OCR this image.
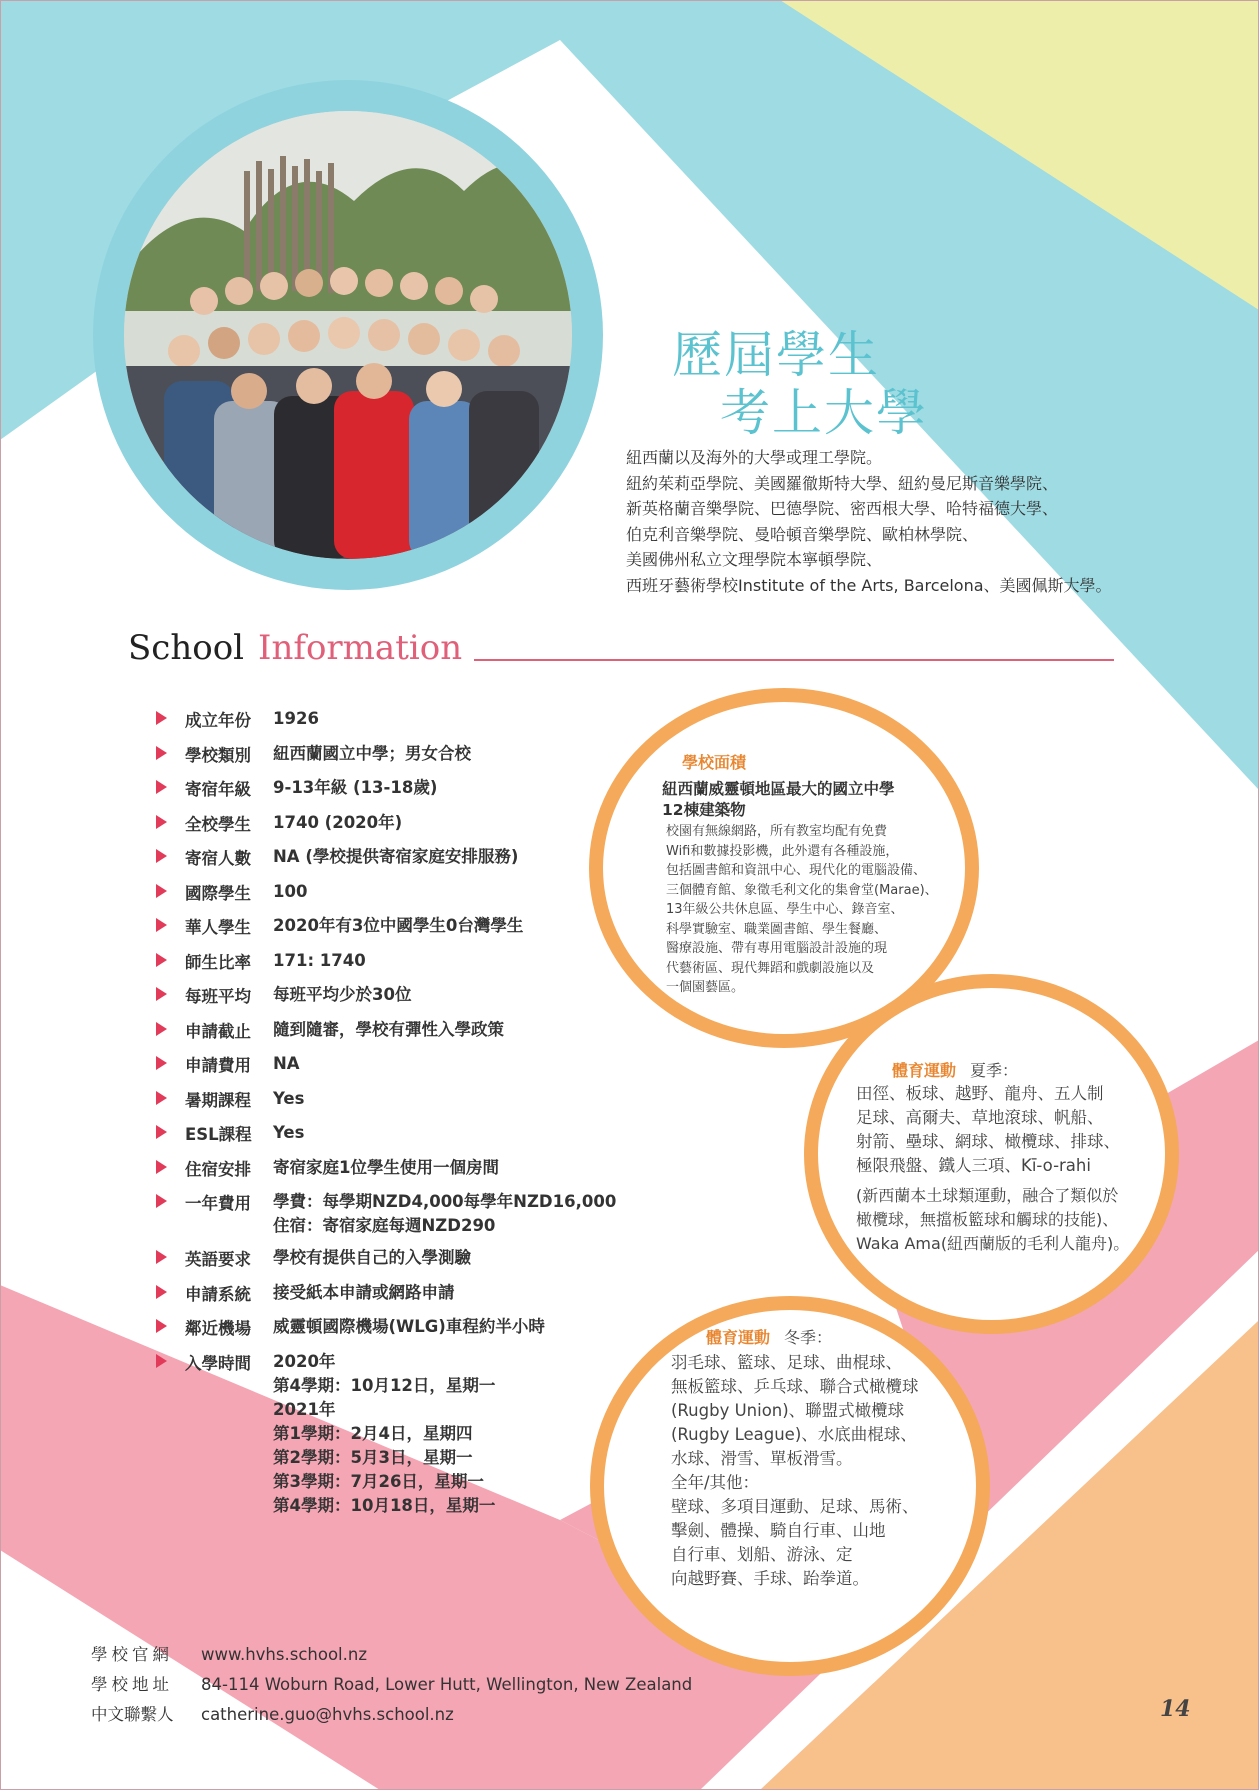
歷屆學生
考上大學
紐西蘭以及海外的大學或理工學院。
紐約茱莉亞學院、美國羅徹斯特大學、紐約曼尼斯音樂學院、
新英格蘭音樂學院、巴德學院、密西根大學、哈特福德大學、
伯克利音樂學院、曼哈頓音樂學院、歐柏林學院、
美國佛州私立文理學院本寧頓學院、
西班牙藝術學校Institute of the Arts, Barcelona、美國佩斯大學。
School Information
成立年份	1926
學校類別	紐西蘭國立中學；男女合校
寄宿年級	9-13年級 (13-18歲)
全校學生	1740 (2020年)
寄宿人數	NA (學校提供寄宿家庭安排服務)
國際學生	100
華人學生	2020年有3位中國學生0台灣學生
師生比率	171: 1740
每班平均	每班平均少於30位
申請截止	隨到隨審，學校有彈性入學政策
申請費用	NA
暑期課程	Yes
ESL課程	Yes
住宿安排	寄宿家庭1位學生使用一個房間
一年費用	學費：每學期NZD4,000每學年NZD16,000
住宿：寄宿家庭每週NZD290
英語要求	學校有提供自己的入學測驗
申請系統	接受紙本申請或網路申請
鄰近機場	威靈頓國際機場(WLG)車程約半小時
入學時間	2020年
第4學期：10月12日，星期一
2021年
第1學期：2月4日，星期四
第2學期：5月3日，星期一
第3學期：7月26日，星期一
第4學期：10月18日，星期一
學校面積
紐西蘭威靈頓地區最大的國立中學
12棟建築物
校園有無線網路，所有教室均配有免費
Wifi和數據投影機，此外還有各種設施，
包括圖書館和資訊中心、現代化的電腦設備、
三個體育館、象徵毛利文化的集會堂(Marae)、
13年級公共休息區、學生中心、錄音室、
科學實驗室、職業圖書館、學生餐廳、
醫療設施、帶有專用電腦設計設施的現
代藝術區、現代舞蹈和戲劇設施以及
一個園藝區。
體育運動 夏季：
田徑、板球、越野、龍舟、五人制
足球、高爾夫、草地滾球、帆船、
射箭、壘球、網球、橄欖球、排球、
極限飛盤、鐵人三項、Kī-o-rahi
(新西蘭本土球類運動，融合了類似於
橄欖球，無擋板籃球和觸球的技能)、
Waka Ama(紐西蘭版的毛利人龍舟)。
體育運動 冬季：
羽毛球、籃球、足球、曲棍球、
無板籃球、乒乓球、聯合式橄欖球
(Rugby Union)、聯盟式橄欖球
(Rugby League)、水底曲棍球、
水球、滑雪、單板滑雪。
全年/其他：
壁球、多項目運動、足球、馬術、
擊劍、體操、騎自行車、山地
自行車、划船、游泳、定
向越野賽、手球、跆拳道。
學校官網	www.hvhs.school.nz
學校地址	84-114 Woburn Road, Lower Hutt, Wellington, New Zealand
中文聯繫人	catherine.guo@hvhs.school.nz	14
